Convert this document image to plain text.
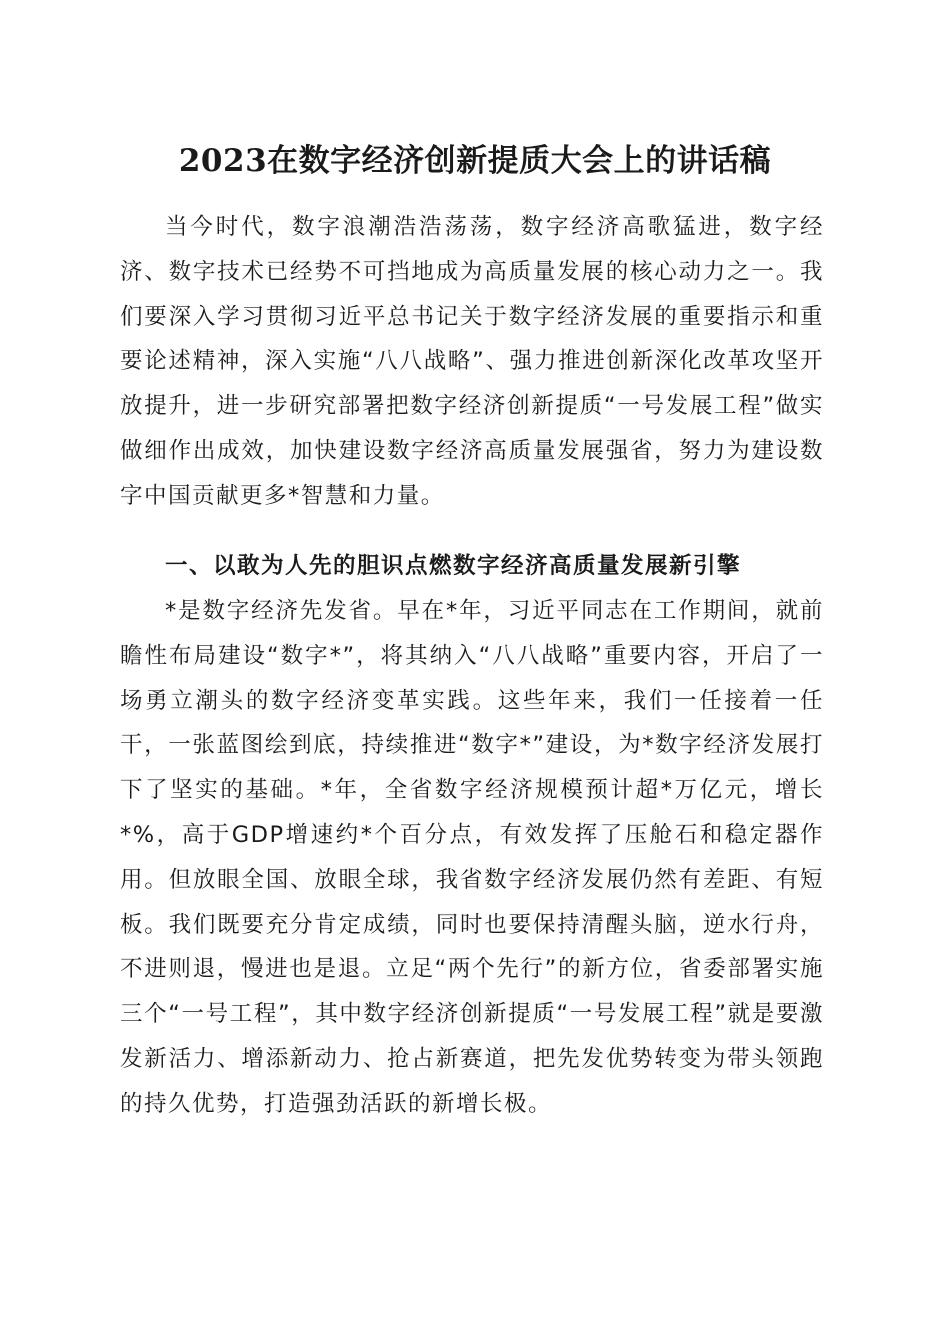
2023在数字经济创新提质大会上的讲话稿

当今时代，数字浪潮浩浩荡荡，数字经济高歌猛进，数字经济、数字技术已经势不可挡地成为高质量发展的核心动力之一。我们要深入学习贯彻习近平总书记关于数字经济发展的重要指示和重要论述精神，深入实施“八八战略”、强力推进创新深化改革攻坚开放提升，进一步研究部署把数字经济创新提质“一号发展工程”做实做细作出成效，加快建设数字经济高质量发展强省，努力为建设数字中国贡献更多*智慧和力量。

一、以敢为人先的胆识点燃数字经济高质量发展新引擎

*是数字经济先发省。早在*年，习近平同志在工作期间，就前瞻性布局建设“数字*”，将其纳入“八八战略”重要内容，开启了一场勇立潮头的数字经济变革实践。这些年来，我们一任接着一任干，一张蓝图绘到底，持续推进“数字*”建设，为*数字经济发展打下了坚实的基础。*年，全省数字经济规模预计超*万亿元，增长*%，高于GDP增速约*个百分点，有效发挥了压舱石和稳定器作用。但放眼全国、放眼全球，我省数字经济发展仍然有差距、有短板。我们既要充分肯定成绩，同时也要保持清醒头脑，逆水行舟，不进则退，慢进也是退。立足“两个先行”的新方位，省委部署实施三个“一号工程”，其中数字经济创新提质“一号发展工程”就是要激发新活力、增添新动力、抢占新赛道，把先发优势转变为带头领跑的持久优势，打造强劲活跃的新增长极。
